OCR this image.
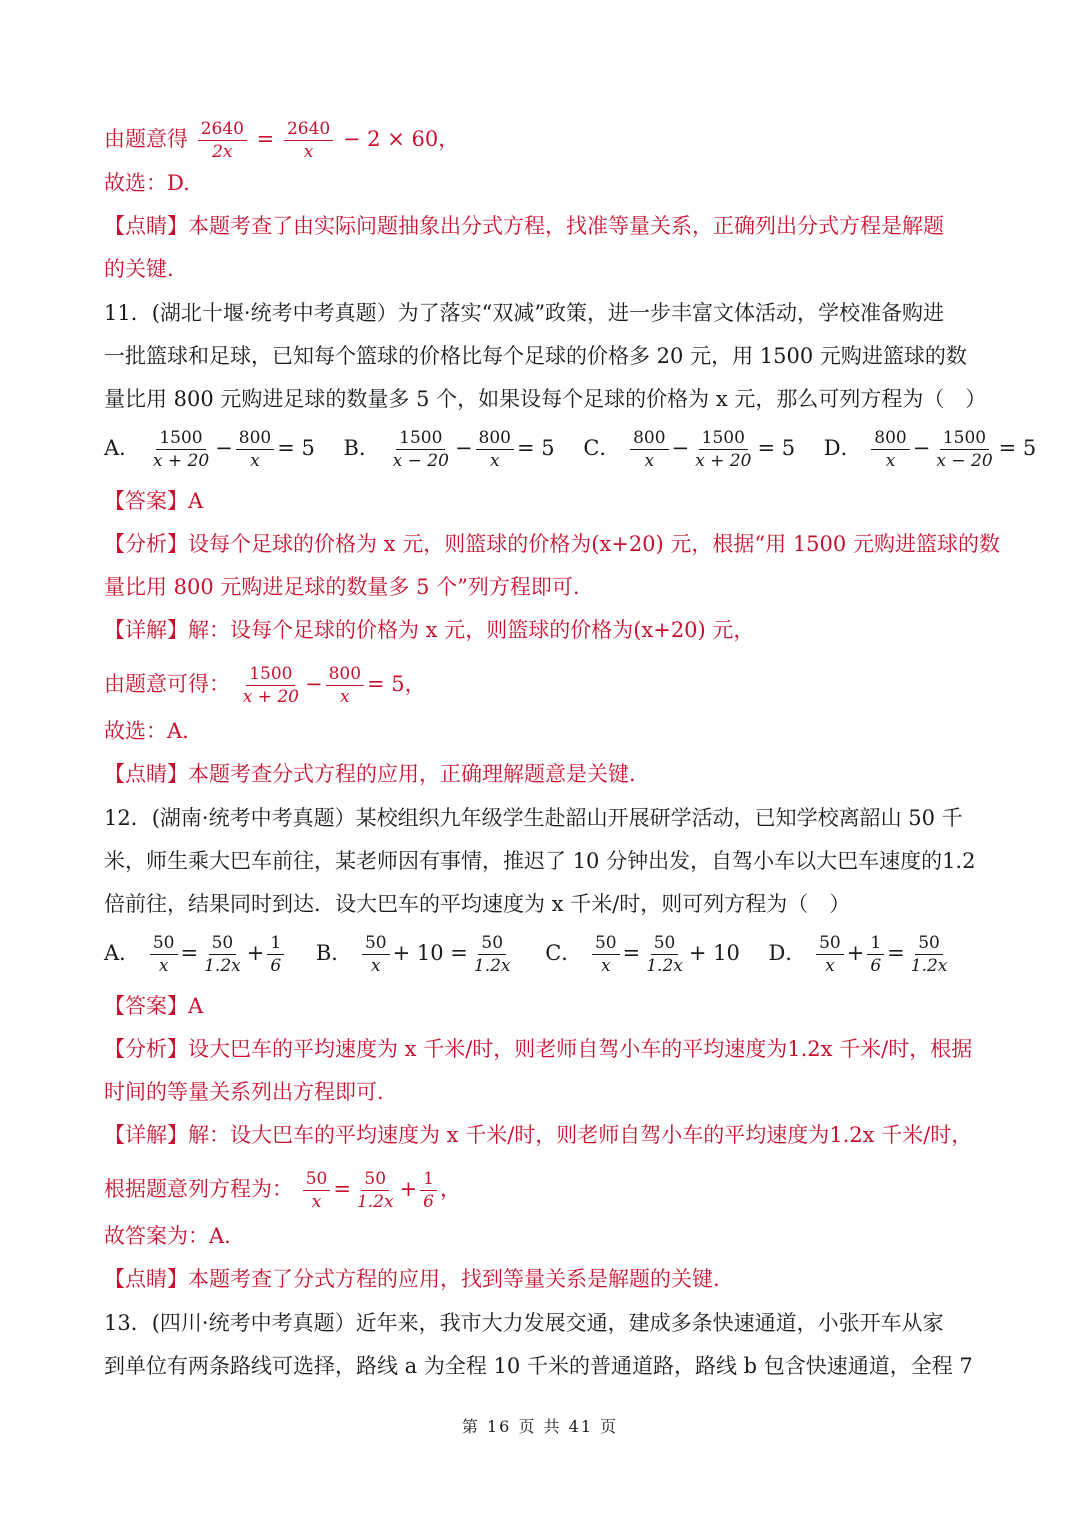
由题意得 $\frac{2640}{2x} = \frac{2640}{x} - 2 \times 60$，
故选：D.
【点睛】本题考查了由实际问题抽象出分式方程，找准等量关系，正确列出分式方程是解题
的关键.
11．(湖北十堰·统考中考真题）为了落实“双减”政策，进一步丰富文体活动，学校准备购进
一批篮球和足球，已知每个篮球的价格比每个足球的价格多 20 元，用 1500 元购进篮球的数
量比用 800 元购进足球的数量多 5 个，如果设每个足球的价格为 x 元，那么可列方程为（　）
A． $\frac{1500}{x + 20} - \frac{800}{x} = 5$ B． $\frac{1500}{x - 20} - \frac{800}{x} = 5$ C． $\frac{800}{x} - \frac{1500}{x + 20} = 5$ D． $\frac{800}{x} - \frac{1500}{x - 20} = 5$
【答案】A
【分析】设每个足球的价格为 x 元，则篮球的价格为(x+20) 元，根据“用 1500 元购进篮球的数
量比用 800 元购进足球的数量多 5 个”列方程即可.
【详解】解：设每个足球的价格为 x 元，则篮球的价格为(x+20) 元，
由题意可得： $\frac{1500}{x + 20} - \frac{800}{x} = 5$，
故选：A.
【点睛】本题考查分式方程的应用，正确理解题意是关键.
12．(湖南·统考中考真题）某校组织九年级学生赴韶山开展研学活动，已知学校离韶山 50 千
米，师生乘大巴车前往，某老师因有事情，推迟了 10 分钟出发，自驾小车以大巴车速度的1.2
倍前往，结果同时到达．设大巴车的平均速度为 x 千米/时，则可列方程为（　）
A． $\frac{50}{x} = \frac{50}{1.2x} + \frac{1}{6}$ B． $\frac{50}{x} + 10 = \frac{50}{1.2x}$ C． $\frac{50}{x} = \frac{50}{1.2x} + 10$ D． $\frac{50}{x} + \frac{1}{6} = \frac{50}{1.2x}$
【答案】A
【分析】设大巴车的平均速度为 x 千米/时，则老师自驾小车的平均速度为1.2x 千米/时，根据
时间的等量关系列出方程即可.
【详解】解：设大巴车的平均速度为 x 千米/时，则老师自驾小车的平均速度为1.2x 千米/时，
根据题意列方程为： $\frac{50}{x} = \frac{50}{1.2x} + \frac{1}{6}$ ，
故答案为：A.
【点睛】本题考查了分式方程的应用，找到等量关系是解题的关键.
13．(四川·统考中考真题）近年来，我市大力发展交通，建成多条快速通道，小张开车从家
到单位有两条路线可选择，路线 a 为全程 10 千米的普通道路，路线 b 包含快速通道，全程 7
第 16 页 共 41 页
